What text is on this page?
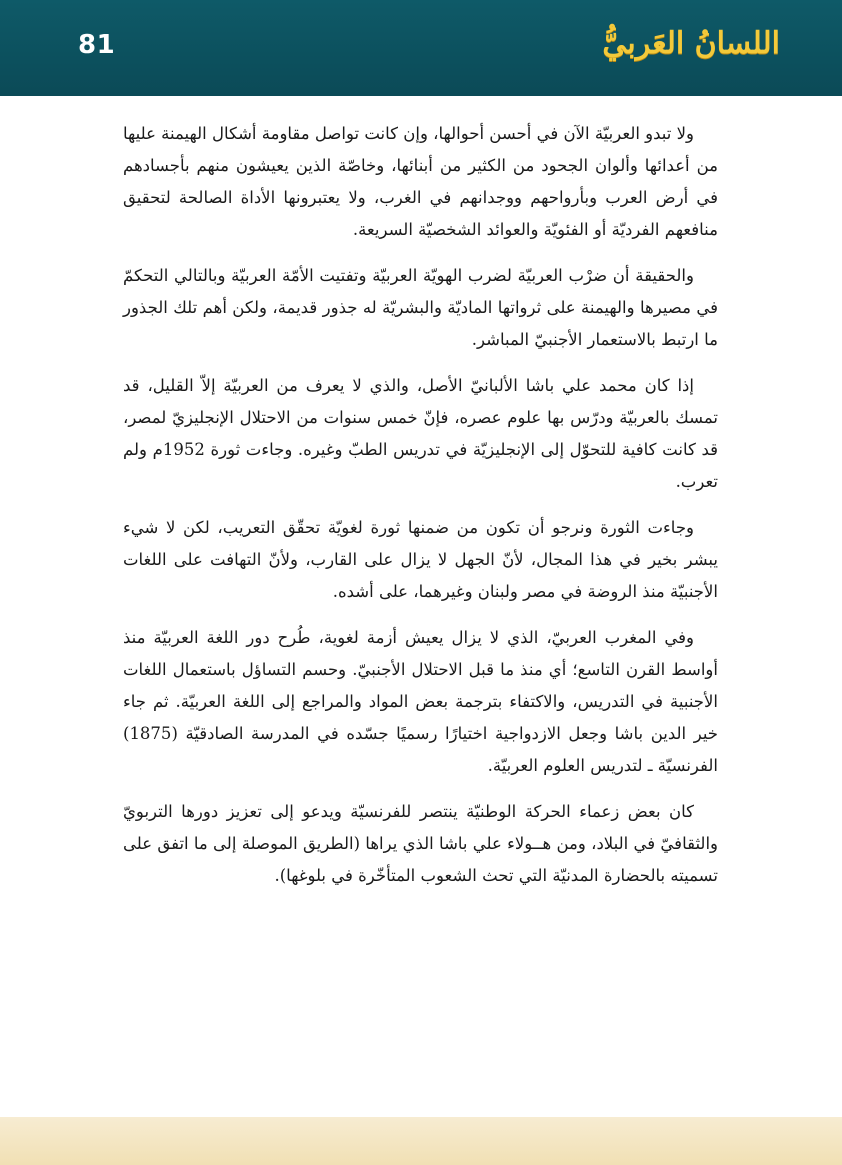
81	اللسانُ العَربيُّ

ولا تبدو العربيّة الآن في أحسن أحوالها، وإن كانت تواصل مقاومة أشكال الهيمنة عليها من أعدائها وألوان الجحود من الكثير من أبنائها، وخاصّة الذين يعيشون منهم بأجسادهم في أرض العرب وبأرواحهم ووجدانهم في الغرب، ولا يعتبرونها الأداة الصالحة لتحقيق منافعهم الفرديّة أو الفئويّة والعوائد الشخصيّة السريعة.

والحقيقة أن ضرْب العربيّة لضرب الهويّة العربيّة وتفتيت الأمّة العربيّة وبالتالي التحكمّ في مصيرها والهيمنة على ثرواتها الماديّة والبشريّة له جذور قديمة، ولكن أهم تلك الجذور ما ارتبط بالاستعمار الأجنبيّ المباشر.

إذا كان محمد علي باشا الألبانيّ الأصل، والذي لا يعرف من العربيّة إلاّ القليل، قد تمسك بالعربيّة ودرّس بها علوم عصره، فإنّ خمس سنوات من الاحتلال الإنجليزيّ لمصر، قد كانت كافية للتحوّل إلى الإنجليزيّة في تدريس الطبّ وغيره. وجاءت ثورة 1952م ولم تعرب.

وجاءت الثورة ونرجو أن تكون من ضمنها ثورة لغويّة تحقّق التعريب، لكن لا شيء يبشر بخير في هذا المجال، لأنّ الجهل لا يزال على القارب، ولأنّ التهافت على اللغات الأجنبيّة منذ الروضة في مصر ولبنان وغيرهما، على أشده.

وفي المغرب العربيّ، الذي لا يزال يعيش أزمة لغوية، طُرح دور اللغة العربيّة منذ أواسط القرن التاسع؛ أي منذ ما قبل الاحتلال الأجنبيّ. وحسم التساؤل باستعمال اللغات الأجنبية في التدريس، والاكتفاء بترجمة بعض المواد والمراجع إلى اللغة العربيّة. ثم جاء خير الدين باشا وجعل الازدواجية اختيارًا رسميًا جسّده في المدرسة الصادقيّة (1875) الفرنسيّة ـ لتدريس العلوم العربيّة.

كان بعض زعماء الحركة الوطنيّة ينتصر للفرنسيّة ويدعو إلى تعزيز دورها التربويّ والثقافيّ في البلاد، ومن هــولاء علي باشا الذي يراها (الطريق الموصلة إلى ما اتفق على تسميته بالحضارة المدنيّة التي تحث الشعوب المتأخّرة في بلوغها).
